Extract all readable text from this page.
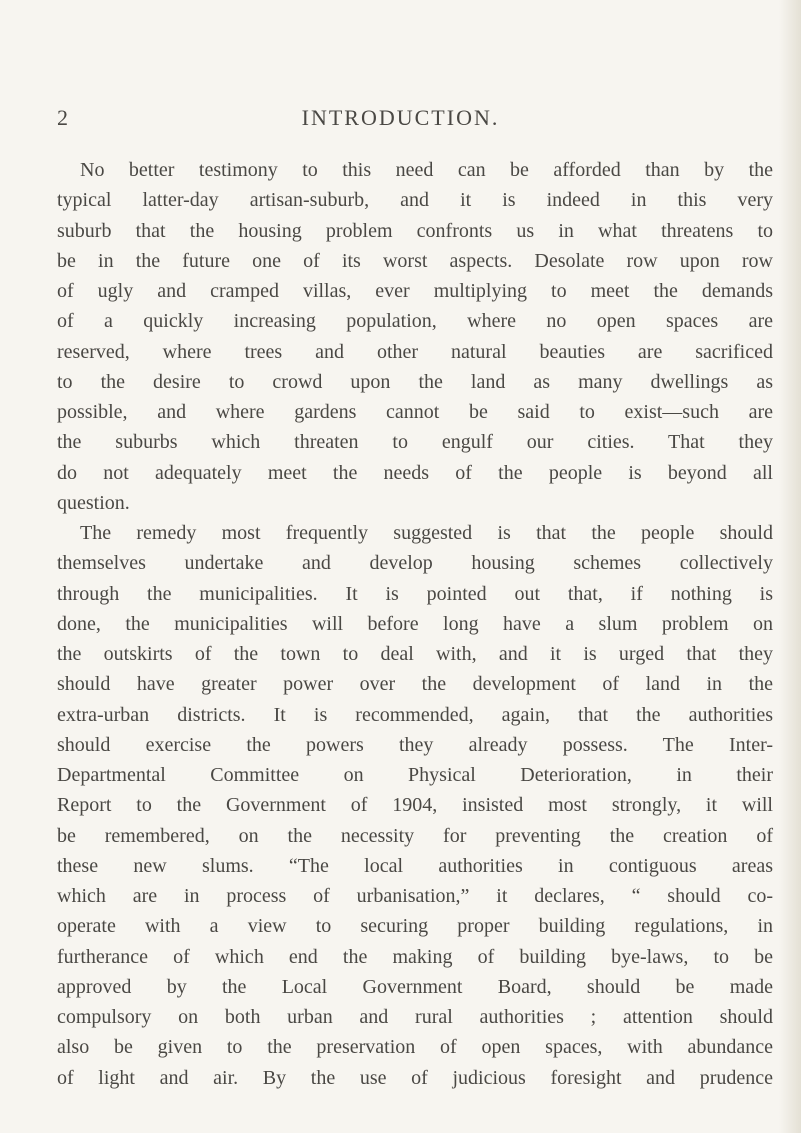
2	INTRODUCTION.
No better testimony to this need can be afforded than by the
typical latter-day artisan-suburb, and it is indeed in this very
suburb that the housing problem confronts us in what threatens to
be in the future one of its worst aspects. Desolate row upon row
of ugly and cramped villas, ever multiplying to meet the demands
of a quickly increasing population, where no open spaces are
reserved, where trees and other natural beauties are sacrificed
to the desire to crowd upon the land as many dwellings as
possible, and where gardens cannot be said to exist—such are
the suburbs which threaten to engulf our cities. That they
do not adequately meet the needs of the people is beyond all
question.
The remedy most frequently suggested is that the people should
themselves undertake and develop housing schemes collectively
through the municipalities. It is pointed out that, if nothing is
done, the municipalities will before long have a slum problem on
the outskirts of the town to deal with, and it is urged that they
should have greater power over the development of land in the
extra-urban districts. It is recommended, again, that the authorities
should exercise the powers they already possess. The Inter-
Departmental Committee on Physical Deterioration, in their
Report to the Government of 1904, insisted most strongly, it will
be remembered, on the necessity for preventing the creation of
these new slums. “The local authorities in contiguous areas
which are in process of urbanisation,” it declares, “ should co-
operate with a view to securing proper building regulations, in
furtherance of which end the making of building bye-laws, to be
approved by the Local Government Board, should be made
compulsory on both urban and rural authorities ; attention should
also be given to the preservation of open spaces, with abundance
of light and air. By the use of judicious foresight and prudence
